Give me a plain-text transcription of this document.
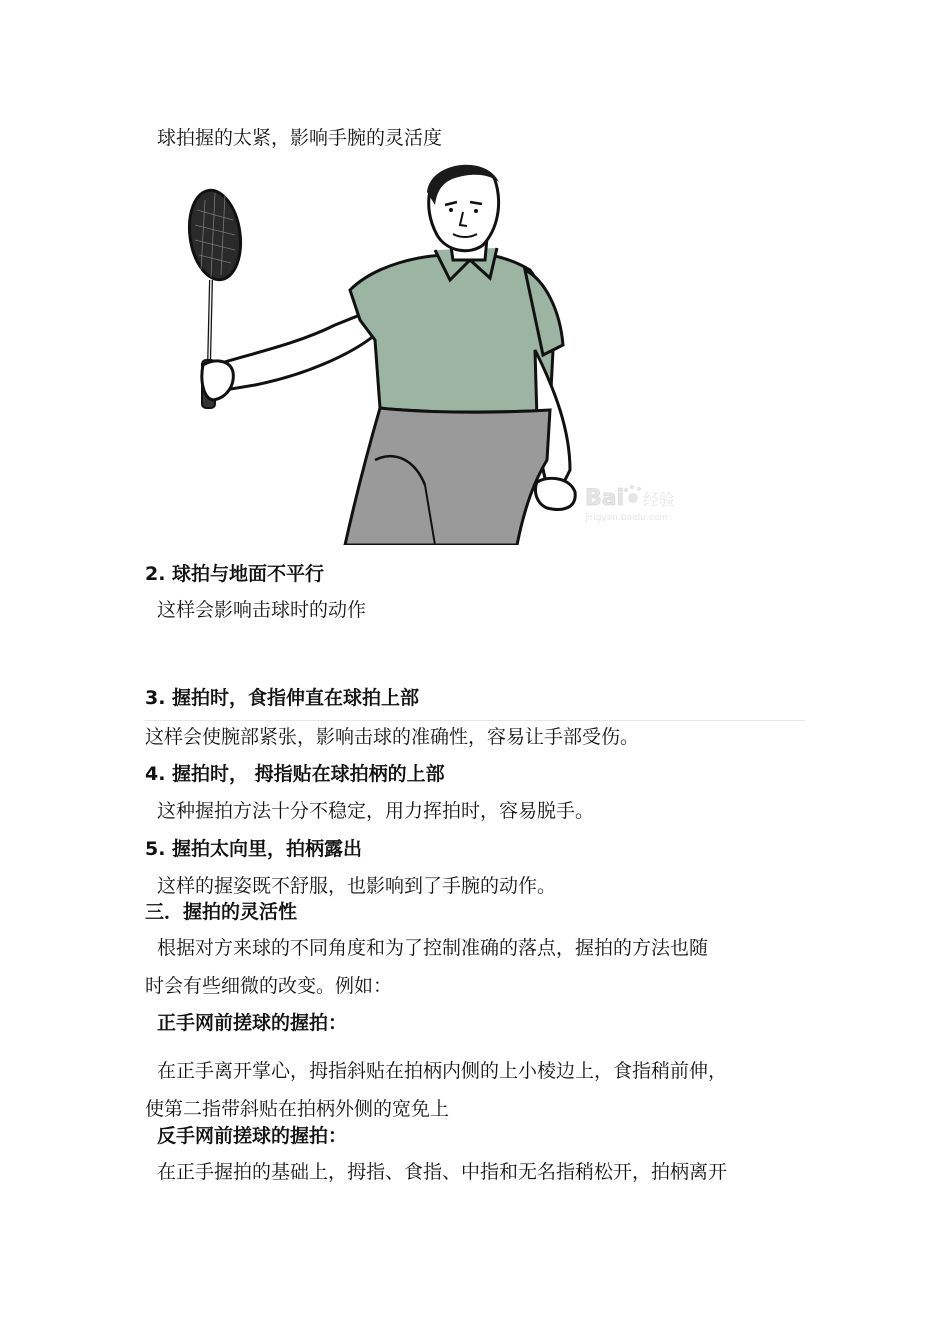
球拍握的太紧，影响手腕的灵活度
Bai 经验
jingyan.baidu.com
2. 球拍与地面不平行
这样会影响击球时的动作
3. 握拍时，食指伸直在球拍上部
这样会使腕部紧张，影响击球的准确性，容易让手部受伤。
4. 握拍时， 拇指贴在球拍柄的上部
这种握拍方法十分不稳定，用力挥拍时，容易脱手。
5. 握拍太向里，拍柄露出
这样的握姿既不舒服，也影响到了手腕的动作。
三．握拍的灵活性
根据对方来球的不同角度和为了控制准确的落点，握拍的方法也随
时会有些细微的改变。例如：
正手网前搓球的握拍：
在正手离开掌心，拇指斜贴在拍柄内侧的上小棱边上，食指稍前伸，
使第二指带斜贴在拍柄外侧的宽免上
反手网前搓球的握拍：
在正手握拍的基础上，拇指、食指、中指和无名指稍松开，拍柄离开
